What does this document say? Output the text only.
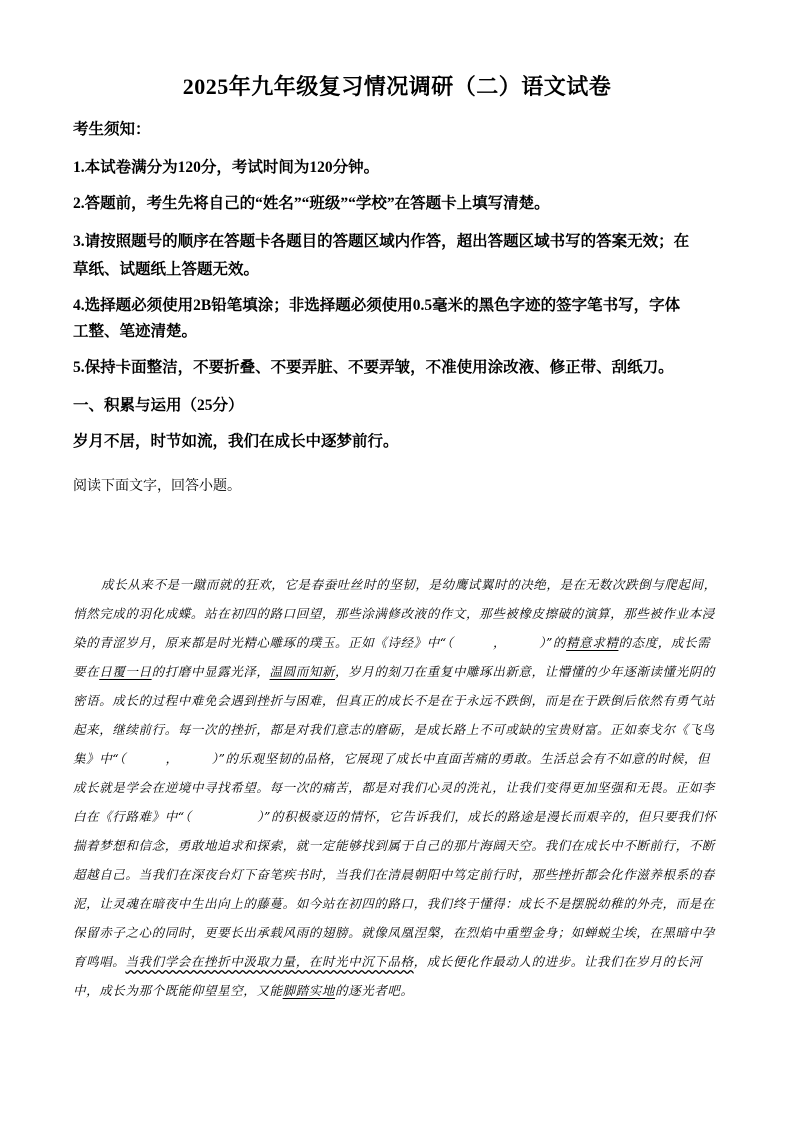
2025年九年级复习情况调研（二）语文试卷
考生须知：
1.本试卷满分为120分，考试时间为120分钟。
2.答题前，考生先将自己的“姓名”“班级”“学校”在答题卡上填写清楚。
3.请按照题号的顺序在答题卡各题目的答题区域内作答，超出答题区域书写的答案无效；在
草纸、试题纸上答题无效。
4.选择题必须使用2B铅笔填涂；非选择题必须使用0.5毫米的黑色字迹的签字笔书写，字体
工整、笔迹清楚。
5.保持卡面整洁，不要折叠、不要弄脏、不要弄皱，不准使用涂改液、修正带、刮纸刀。
一、积累与运用（25分）
岁月不居，时节如流，我们在成长中逐梦前行。
阅读下面文字，回答小题。
成长从来不是一蹴而就的狂欢，它是春蚕吐丝时的坚韧，是幼鹰试翼时的决绝，是在无数次跌倒与爬起间，悄然完成的羽化成蝶。站在初四的路口回望，那些涂满修改液的作文，那些被橡皮擦破的演算，那些被作业本浸染的青涩岁月，原来都是时光精心雕琢的璞玉。正如《诗经》中“（　　　，　　　）”的精意求精的态度，成长需要在日覆一日的打磨中显露光泽，温圆而知新，岁月的刻刀在重复中雕琢出新意，让懵懂的少年逐渐读懂光阴的密语。成长的过程中难免会遇到挫折与困难，但真正的成长不是在于永远不跌倒，而是在于跌倒后依然有勇气站起来，继续前行。每一次的挫折，都是对我们意志的磨砺，是成长路上不可或缺的宝贵财富。正如泰戈尔《飞鸟集》中“（　　　，　　　）”的乐观坚韧的品格，它展现了成长中直面苦痛的勇敢。生活总会有不如意的时候，但成长就是学会在逆境中寻找希望。每一次的痛苦，都是对我们心灵的洗礼，让我们变得更加坚强和无畏。正如李白在《行路难》中“（　　　　　）”的积极豪迈的情怀，它告诉我们，成长的路途是漫长而艰辛的，但只要我们怀揣着梦想和信念，勇敢地追求和探索，就一定能够找到属于自己的那片海阔天空。我们在成长中不断前行，不断超越自己。当我们在深夜台灯下奋笔疾书时，当我们在清晨朝阳中笃定前行时，那些挫折都会化作滋养根系的春泥，让灵魂在暗夜中生出向上的藤蔓。如今站在初四的路口，我们终于懂得：成长不是摆脱幼稚的外壳，而是在保留赤子之心的同时，更要长出承载风雨的翅膀。就像凤凰涅槃，在烈焰中重塑金身；如蝉蜕尘埃，在黑暗中孕育鸣唱。当我们学会在挫折中汲取力量，在时光中沉下品格，成长便化作最动人的进步。让我们在岁月的长河中，成长为那个既能仰望星空，又能脚踏实地的逐光者吧。
